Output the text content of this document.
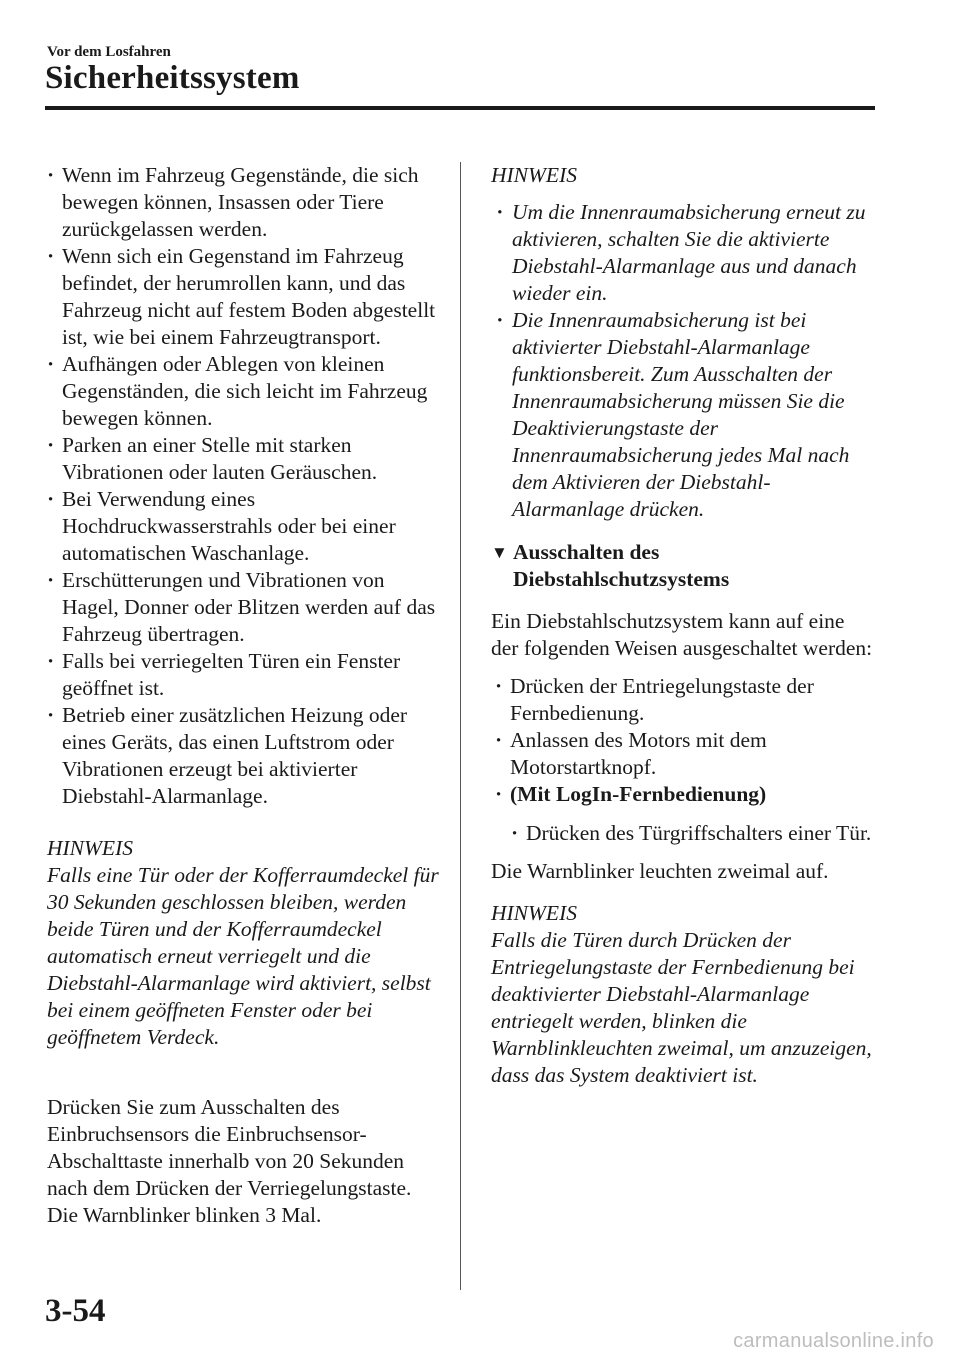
Vor dem Losfahren
Sicherheitssystem
· Wenn im Fahrzeug Gegenstände, die sich bewegen können, Insassen oder Tiere zurückgelassen werden.
· Wenn sich ein Gegenstand im Fahrzeug befindet, der herumrollen kann, und das Fahrzeug nicht auf festem Boden abgestellt ist, wie bei einem Fahrzeugtransport.
· Aufhängen oder Ablegen von kleinen Gegenständen, die sich leicht im Fahrzeug bewegen können.
· Parken an einer Stelle mit starken Vibrationen oder lauten Geräuschen.
· Bei Verwendung eines Hochdruckwasserstrahls oder bei einer automatischen Waschanlage.
· Erschütterungen und Vibrationen von Hagel, Donner oder Blitzen werden auf das Fahrzeug übertragen.
· Falls bei verriegelten Türen ein Fenster geöffnet ist.
· Betrieb einer zusätzlichen Heizung oder eines Geräts, das einen Luftstrom oder Vibrationen erzeugt bei aktivierter Diebstahl-Alarmanlage.
HINWEIS

Falls eine Tür oder der Kofferraumdeckel für 30 Sekunden geschlossen bleiben, werden beide Türen und der Kofferraumdeckel automatisch erneut verriegelt und die Diebstahl-Alarmanlage wird aktiviert, selbst bei einem geöffneten Fenster oder bei geöffnetem Verdeck.

Drücken Sie zum Ausschalten des Einbruchsensors die Einbruchsensor-Abschalttaste innerhalb von 20 Sekunden nach dem Drücken der Verriegelungstaste.

Die Warnblinker blinken 3 Mal.

HINWEIS
· Um die Innenraumabsicherung erneut zu aktivieren, schalten Sie die aktivierte Diebstahl-Alarmanlage aus und danach wieder ein.
· Die Innenraumabsicherung ist bei aktivierter Diebstahl-Alarmanlage funktionsbereit. Zum Ausschalten der Innenraumabsicherung müssen Sie die Deaktivierungstaste der Innenraumabsicherung jedes Mal nach dem Aktivieren der Diebstahl-Alarmanlage drücken.
▼ Ausschalten des Diebstahlschutzsystems

Ein Diebstahlschutzsystem kann auf eine der folgenden Weisen ausgeschaltet werden:

· Drücken der Entriegelungstaste der Fernbedienung.
· Anlassen des Motors mit dem Motorstartknopf.
· (Mit LogIn-Fernbedienung)
· Drücken des Türgriffschalters einer Tür.

Die Warnblinker leuchten zweimal auf.

HINWEIS

Falls die Türen durch Drücken der Entriegelungstaste der Fernbedienung bei deaktivierter Diebstahl-Alarmanlage entriegelt werden, blinken die Warnblinkleuchten zweimal, um anzuzeigen, dass das System deaktiviert ist.

3-54
carmanualsonline.info
